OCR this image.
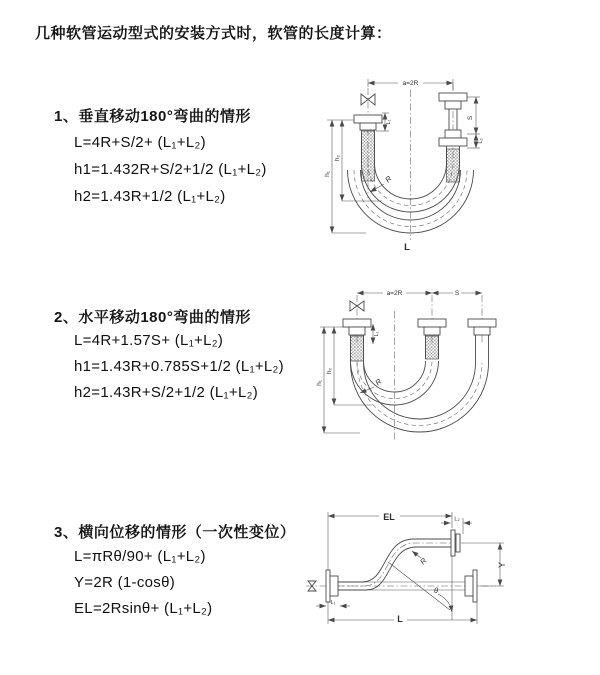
几种软管运动型式的安装方式时，软管的长度计算：
1、垂直移动180°弯曲的情形
L=4R+S/2+ (L₁+L₂)
h1=1.432R+S/2+1/2 (L₁+L₂)
h2=1.43R+1/2 (L₁+L₂)
2、水平移动180°弯曲的情形
L=4R+1.57S+ (L₁+L₂)
h1=1.43R+0.785S+1/2 (L₁+L₂)
h2=1.43R+S/2+1/2 (L₁+L₂)
3、横向位移的情形（一次性变位）
L=πRθ/90+ (L₁+L₂)
Y=2R (1-cosθ)
EL=2Rsinθ+ (L₁+L₂)
a=2R
S
L₂
L₁
h₁
h₂
R
L
a=2R	S
h₁
h₂
L₁
R
EL	L₂
Y
θ
R
L₁
L
